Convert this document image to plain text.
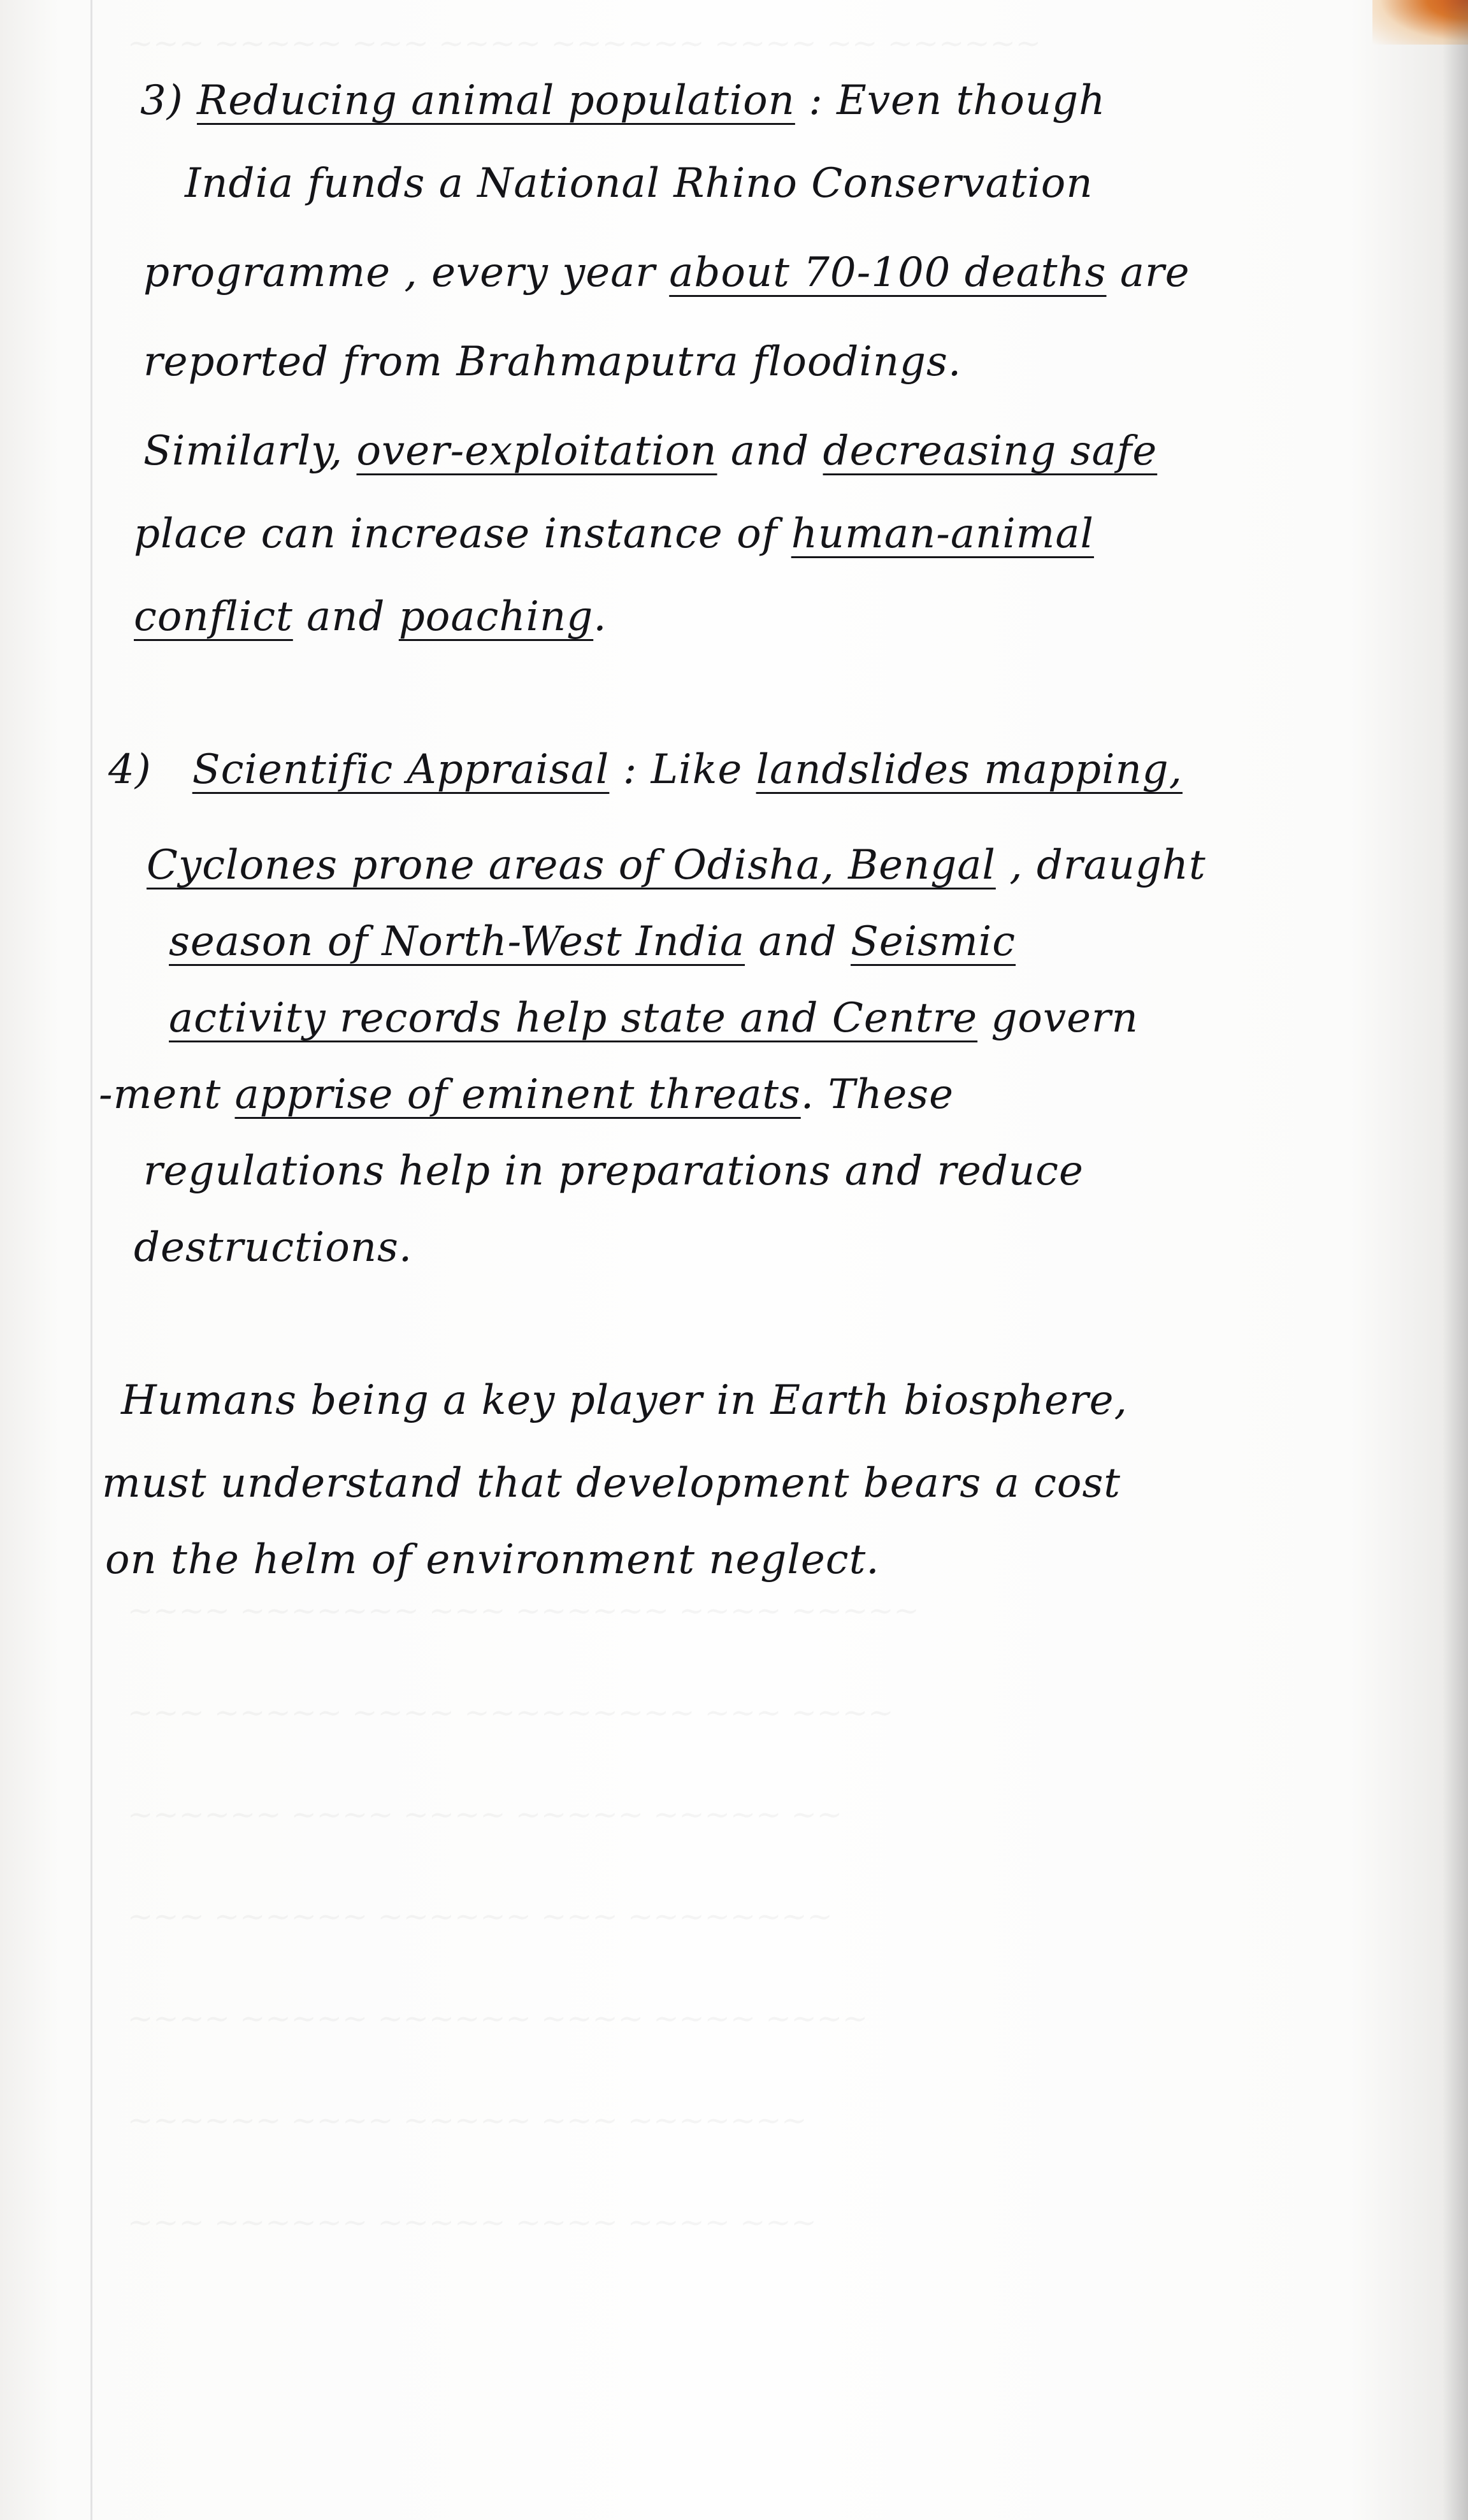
~~~ ~~~~~ ~~~ ~~~~ ~~~~~~ ~~~~ ~~ ~~~~~~
~~~~ ~~~~~~~ ~~~ ~~~~~~ ~~~~ ~~~~~
~~~ ~~~~~ ~~~~ ~~~~~~~~~ ~~~ ~~~~
~~~~~~ ~~~~ ~~~~ ~~~~~ ~~~~~ ~~
~~~ ~~~~~~ ~~~~~~ ~~~ ~~~~~~~~
~~~~ ~~~~~ ~~~~~~ ~~~~ ~~~~ ~~~~
~~~~~~ ~~~~ ~~~~~ ~~~ ~~~~~~~
~~~ ~~~~~~ ~~~~~ ~~~~ ~~~~ ~~~
3) Reducing animal population : Even though
India funds a National Rhino Conservation
programme , every year about 70-100 deaths are
reported from Brahmaputra floodings.
Similarly, over-exploitation and decreasing safe
place can increase instance of human-animal
conflict and poaching.
4) Scientific Appraisal : Like landslides mapping,
Cyclones prone areas of Odisha, Bengal , draught
season of North-West India and Seismic
activity records help state and Centre govern
-ment apprise of eminent threats. These
regulations help in preparations and reduce
destructions.
Humans being a key player in Earth biosphere,
must understand that development bears a cost
on the helm of environment neglect.
